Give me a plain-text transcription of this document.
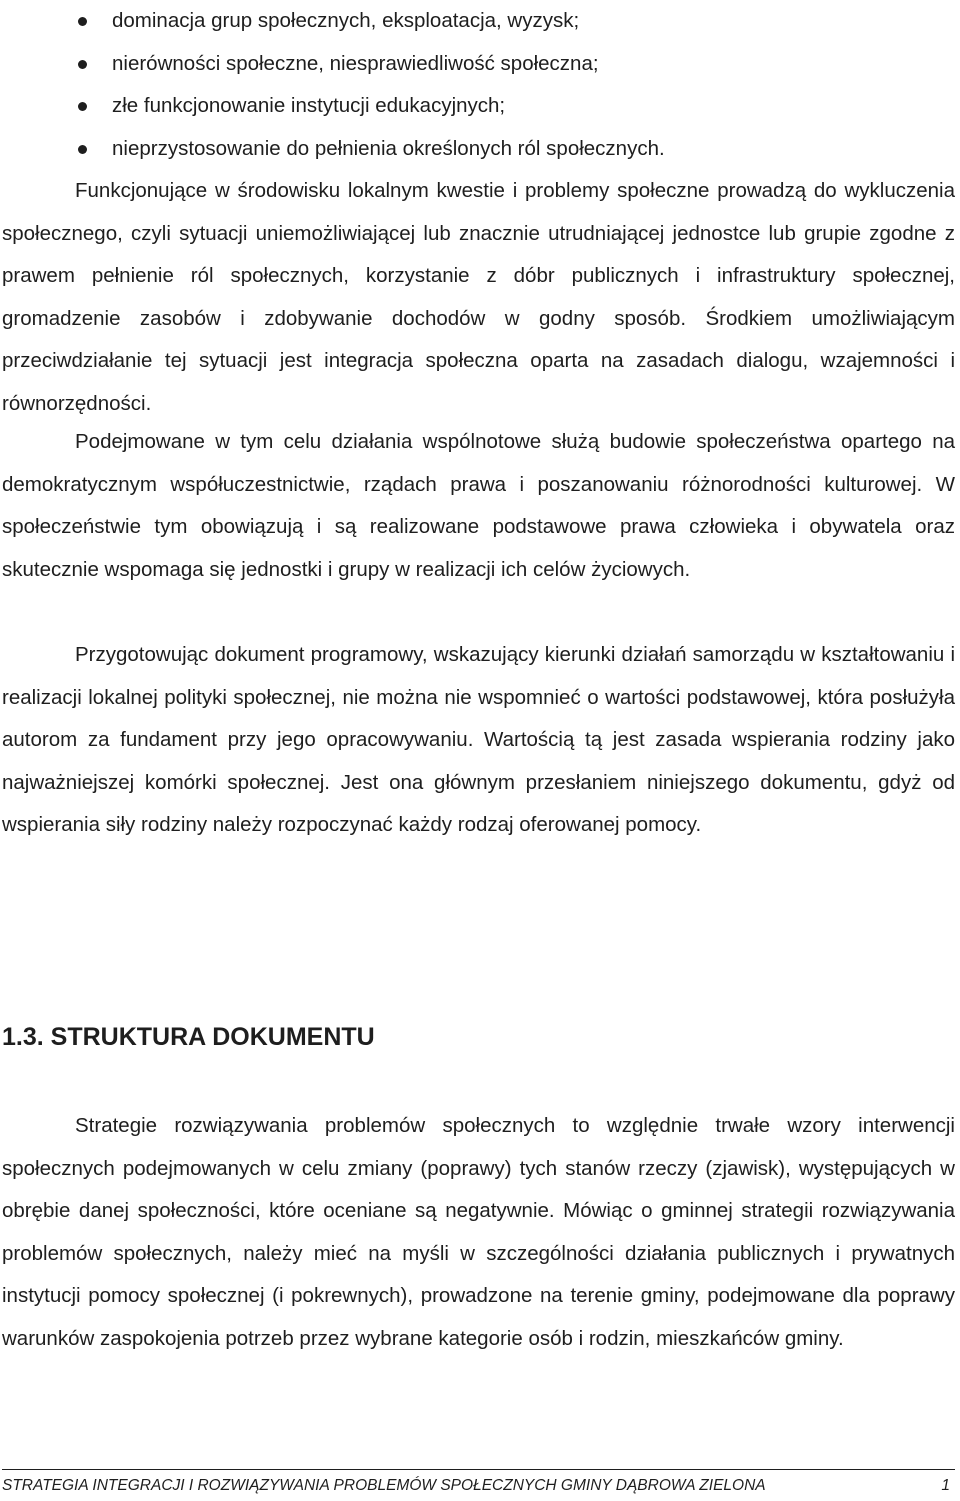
dominacja grup społecznych, eksploatacja, wyzysk;
nierówności społeczne, niesprawiedliwość społeczna;
złe funkcjonowanie instytucji edukacyjnych;
nieprzystosowanie do pełnienia określonych ról społecznych.

Funkcjonujące w środowisku lokalnym kwestie i problemy społeczne prowadzą do wykluczenia społecznego, czyli sytuacji uniemożliwiającej lub znacznie utrudniającej jednostce lub grupie zgodne z prawem pełnienie ról społecznych, korzystanie z dóbr publicznych i infrastruktury społecznej, gromadzenie zasobów i zdobywanie dochodów w godny sposób. Środkiem umożliwiającym przeciwdziałanie tej sytuacji jest integracja społeczna oparta na zasadach dialogu, wzajemności i równorzędności.

Podejmowane w tym celu działania wspólnotowe służą budowie społeczeństwa opartego na demokratycznym współuczestnictwie, rządach prawa i poszanowaniu różnorodności kulturowej. W społeczeństwie tym obowiązują i są realizowane podstawowe prawa człowieka i obywatela oraz skutecznie wspomaga się jednostki i grupy w realizacji ich celów życiowych.

Przygotowując dokument programowy, wskazujący kierunki działań samorządu w kształtowaniu i realizacji lokalnej polityki społecznej, nie można nie wspomnieć o wartości podstawowej, która posłużyła autorom za fundament przy jego opracowywaniu. Wartością tą jest zasada wspierania rodziny jako najważniejszej komórki społecznej. Jest ona głównym przesłaniem niniejszego dokumentu, gdyż od wspierania siły rodziny należy rozpoczynać każdy rodzaj oferowanej pomocy.

1.3. STRUKTURA DOKUMENTU

Strategie rozwiązywania problemów społecznych to względnie trwałe wzory interwencji społecznych podejmowanych w celu zmiany (poprawy) tych stanów rzeczy (zjawisk), występujących w obrębie danej społeczności, które oceniane są negatywnie. Mówiąc o gminnej strategii rozwiązywania problemów społecznych, należy mieć na myśli w szczególności działania publicznych i prywatnych instytucji pomocy społecznej (i pokrewnych), prowadzone na terenie gminy, podejmowane dla poprawy warunków zaspokojenia potrzeb przez wybrane kategorie osób i rodzin, mieszkańców gminy.

STRATEGIA INTEGRACJI I ROZWIĄZYWANIA PROBLEMÓW SPOŁECZNYCH GMINY DĄBROWA ZIELONA	1
